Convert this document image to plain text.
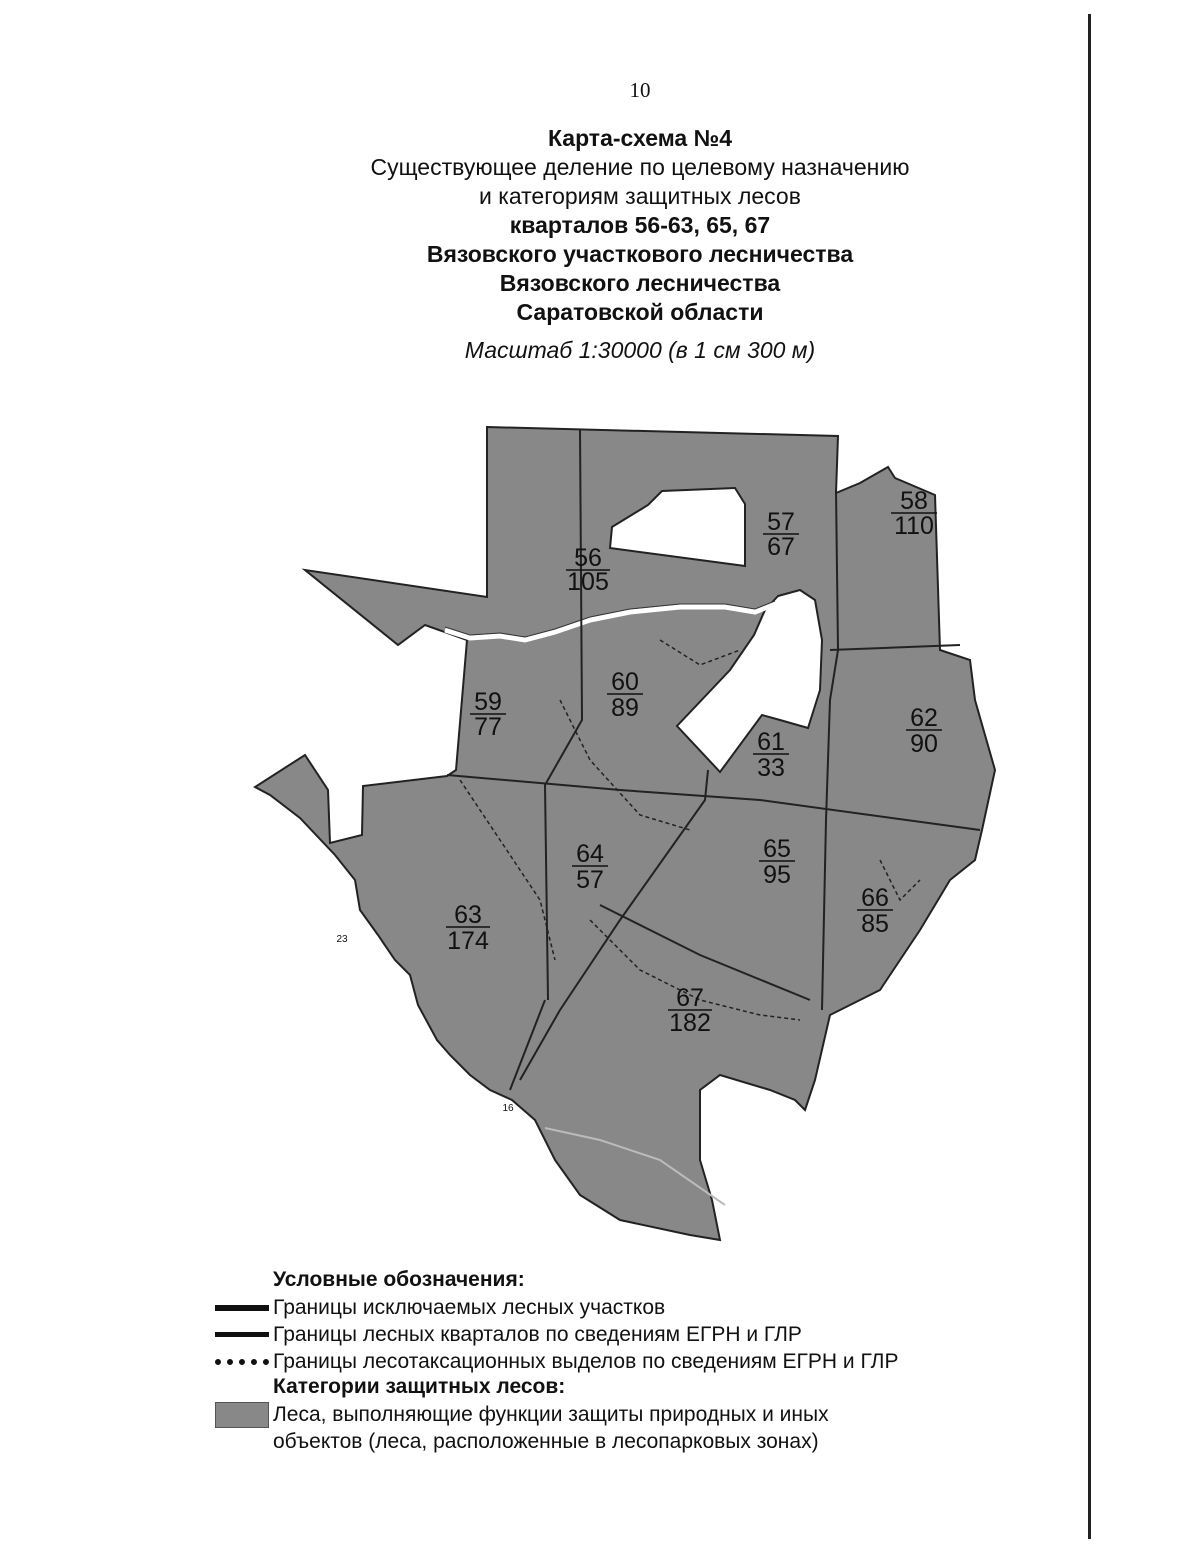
10
Карта-схема №4
Существующее деление по целевому назначению
и категориям защитных лесов
кварталов 56-63, 65, 67
Вязовского участкового лесничества
Вязовского лесничества
Саратовской области
Масштаб 1:30000 (в 1 см 300 м)
56
105
57
67
58
110
59
77
60
89
61
33
62
90
63
174
64
57
65
95
66
85
67
182
23
16
Условные обозначения:
Границы исключаемых лесных участков
Границы лесных кварталов по сведениям ЕГРН и ГЛР
Границы лесотаксационных выделов по сведениям ЕГРН и ГЛР
Категории защитных лесов:
Леса, выполняющие функции защиты природных и иных
объектов (леса, расположенные в лесопарковых зонах)
